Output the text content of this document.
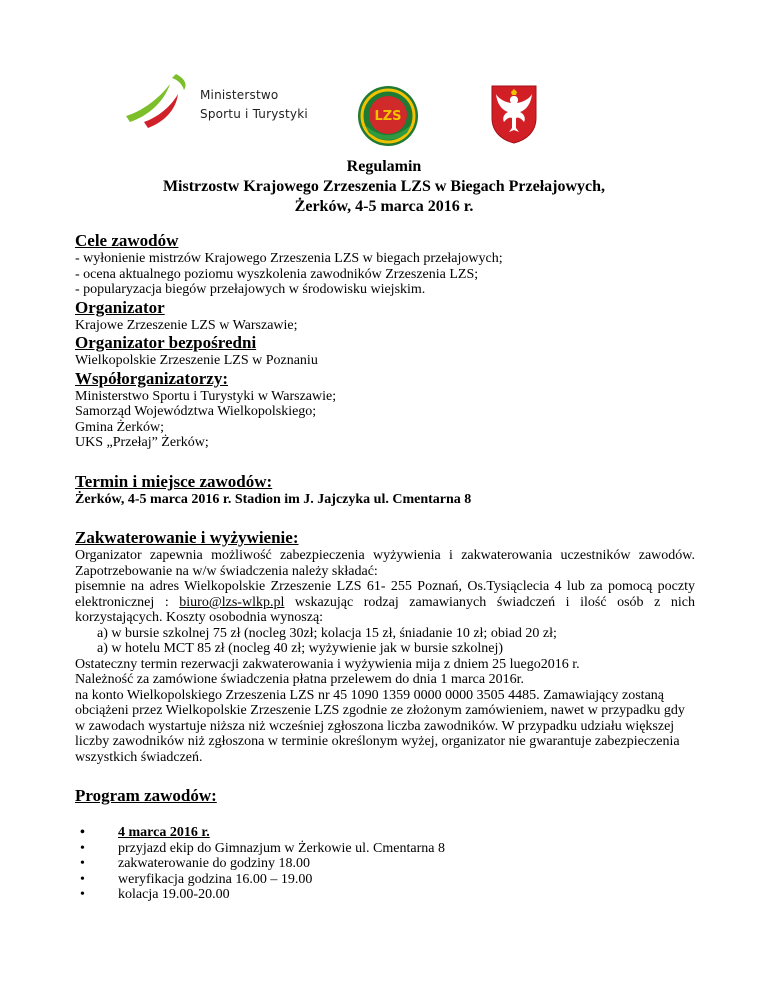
Ministerstwo
Sportu i Turystyki	LZS
Regulamin
Mistrzostw Krajowego Zrzeszenia LZS w Biegach Przełajowych,
Żerków, 4-5 marca 2016 r.

Cele zawodów

- wyłonienie mistrzów Krajowego Zrzeszenia LZS w biegach przełajowych;

- ocena aktualnego poziomu wyszkolenia zawodników Zrzeszenia LZS;

- popularyzacja biegów przełajowych w środowisku wiejskim.

Organizator

Krajowe Zrzeszenie LZS w Warszawie;

Organizator bezpośredni

Wielkopolskie Zrzeszenie LZS w Poznaniu

Współorganizatorzy:

Ministerstwo Sportu i Turystyki w Warszawie;

Samorząd Województwa Wielkopolskiego;

Gmina Żerków;

UKS „Przełaj” Żerków;

Termin i miejsce zawodów:

Żerków, 4-5 marca 2016 r. Stadion im J. Jajczyka ul. Cmentarna 8

Zakwaterowanie i wyżywienie:

Organizator zapewnia możliwość zabezpieczenia wyżywienia i zakwaterowania uczestników zawodów. Zapotrzebowanie na w/w świadczenia należy składać:

pisemnie na adres Wielkopolskie Zrzeszenie LZS 61- 255 Poznań, Os.Tysiąclecia 4 lub za pomocą poczty elektronicznej : biuro@lzs-wlkp.pl wskazując rodzaj zamawianych świadczeń i ilość osób z nich korzystających. Koszty osobodnia wynoszą:

a) w bursie szkolnej 75 zł (nocleg 30zł; kolacja 15 zł, śniadanie 10 zł; obiad 20 zł;

a) w hotelu MCT 85 zł (nocleg 40 zł; wyżywienie jak w bursie szkolnej)

Ostateczny termin rezerwacji zakwaterowania i wyżywienia mija z dniem 25 luego2016 r.

Należność za zamówione świadczenia płatna przelewem do dnia 1 marca 2016r.

na konto Wielkopolskiego Zrzeszenia LZS nr 45 1090 1359 0000 0000 3505 4485. Zamawiający zostaną obciążeni przez Wielkopolskie Zrzeszenie LZS zgodnie ze złożonym zamówieniem, nawet w przypadku gdy w zawodach wystartuje niższa niż wcześniej zgłoszona liczba zawodników. W przypadku udziału większej liczby zawodników niż zgłoszona w terminie określonym wyżej, organizator nie gwarantuje zabezpieczenia wszystkich świadczeń.

Program zawodów:

• 4 marca 2016 r.
• przyjazd ekip do Gimnazjum w Żerkowie ul. Cmentarna 8
• zakwaterowanie do godziny 18.00
• weryfikacja godzina 16.00 – 19.00
• kolacja 19.00-20.00
